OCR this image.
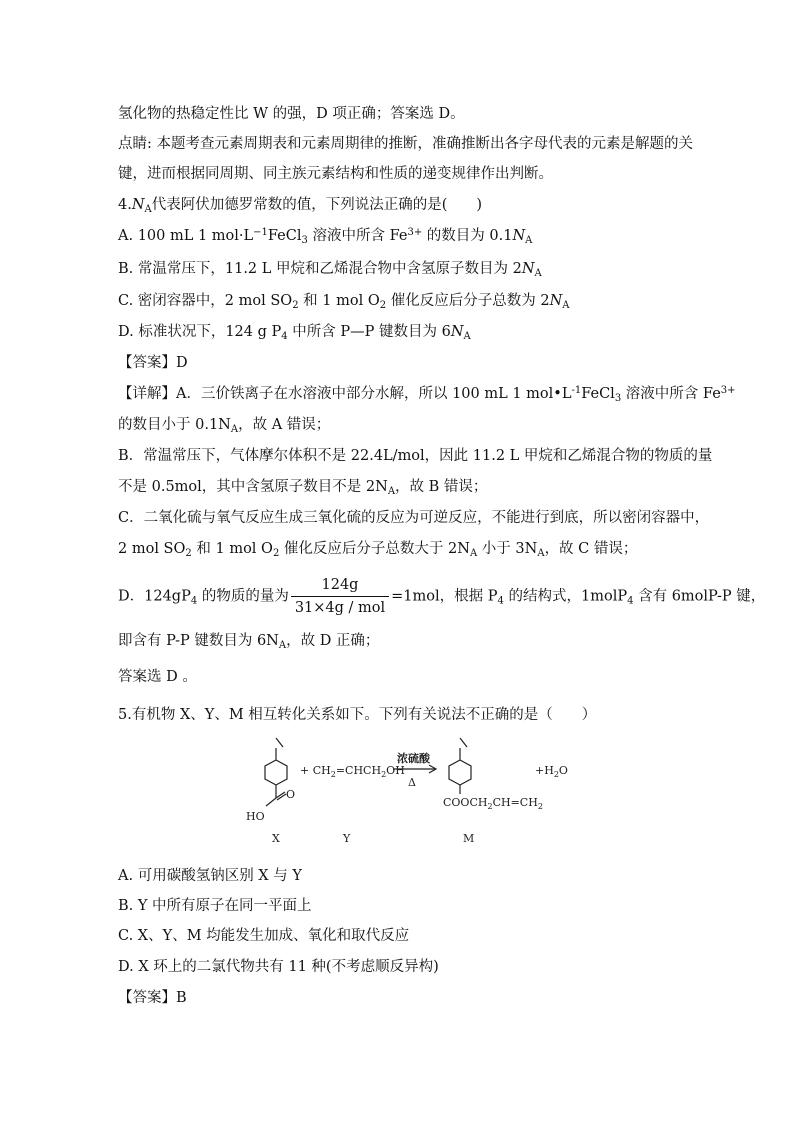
氢化物的热稳定性比 W 的强，D 项正确；答案选 D。
点睛: 本题考查元素周期表和元素周期律的推断，准确推断出各字母代表的元素是解题的关
键，进而根据同周期、同主族元素结构和性质的递变规律作出判断。
$4.N_A$代表阿伏加德罗常数的值，下列说法正确的是(　　)
A. 100 mL 1 $mol\cdot L^{-1}FeCl_3$ 溶液中所含 $Fe^{3+}$ 的数目为 $0.1N_A$
B. 常温常压下，11.2 L 甲烷和乙烯混合物中含氢原子数目为 $2N_A$
C. 密闭容器中，2 mol $SO_2$ 和 1 mol $O_2$ 催化反应后分子总数为 $2N_A$
D. 标准状况下，124 g $P_4$ 中所含 P—P 键数目为 $6N_A$
【答案】D
【详解】A．三价铁离子在水溶液中部分水解，所以 100 mL 1 $mol•L^{-1}FeCl_3$ 溶液中所含 $Fe^{3+}$
的数目小于 $0.1N_A$，故 A 错误；
B．常温常压下，气体摩尔体积不是 22.4L/mol，因此 11.2 L 甲烷和乙烯混合物的物质的量
不是 0.5mol，其中含氢原子数目不是 $2N_A$，故 B 错误；
C．二氧化硫与氧气反应生成三氧化硫的反应为可逆反应，不能进行到底，所以密闭容器中，
2 mol $SO_2$ 和 1 mol $O_2$ 催化反应后分子总数大于 $2N_A$ 小于 $3N_A$，故 C 错误；
D．$124gP_4$ 的物质的量为 $\frac{124g}{\text{31×4g / mol}} =1mol$，根据 $P_4$ 的结构式，1molP$_4$ 含有 6molP-P 键，
即含有 P-P 键数目为 $6N_A$，故 D 正确；
答案选 D 。
5.有机物 X、Y、M 相互转化关系如下。下列有关说法不正确的是（　　）
HO
O
+ $CH_2=CHCH_2OH$
浓硫酸
Δ
$COOCH_2CH=CH_2$
$+H_2O$
X	Y	M
A. 可用碳酸氢钠区别 X 与 Y
B. Y 中所有原子在同一平面上
C. X、Y、M 均能发生加成、氧化和取代反应
D. X 环上的二氯代物共有 11 种(不考虑顺反异构)
【答案】B
